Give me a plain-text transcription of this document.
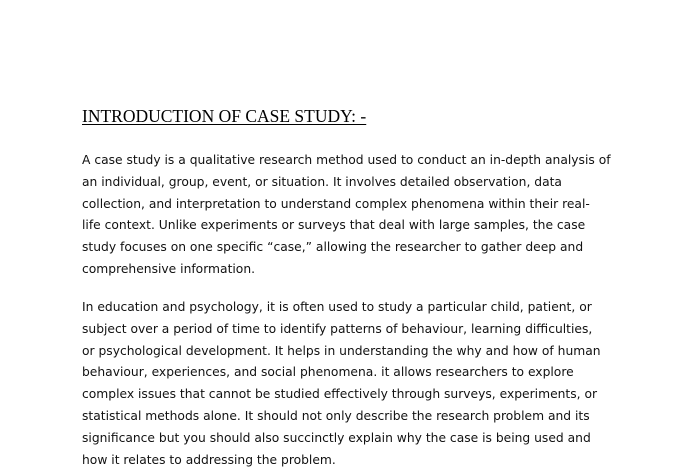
INTRODUCTION OF CASE STUDY: -
A case study is a qualitative research method used to conduct an in-depth analysis of
an individual, group, event, or situation. It involves detailed observation, data
collection, and interpretation to understand complex phenomena within their real-
life context. Unlike experiments or surveys that deal with large samples, the case
study focuses on one specific “case,” allowing the researcher to gather deep and
comprehensive information.
In education and psychology, it is often used to study a particular child, patient, or
subject over a period of time to identify patterns of behaviour, learning difficulties,
or psychological development. It helps in understanding the why and how of human
behaviour, experiences, and social phenomena. it allows researchers to explore
complex issues that cannot be studied effectively through surveys, experiments, or
statistical methods alone. It should not only describe the research problem and its
significance but you should also succinctly explain why the case is being used and
how it relates to addressing the problem.
